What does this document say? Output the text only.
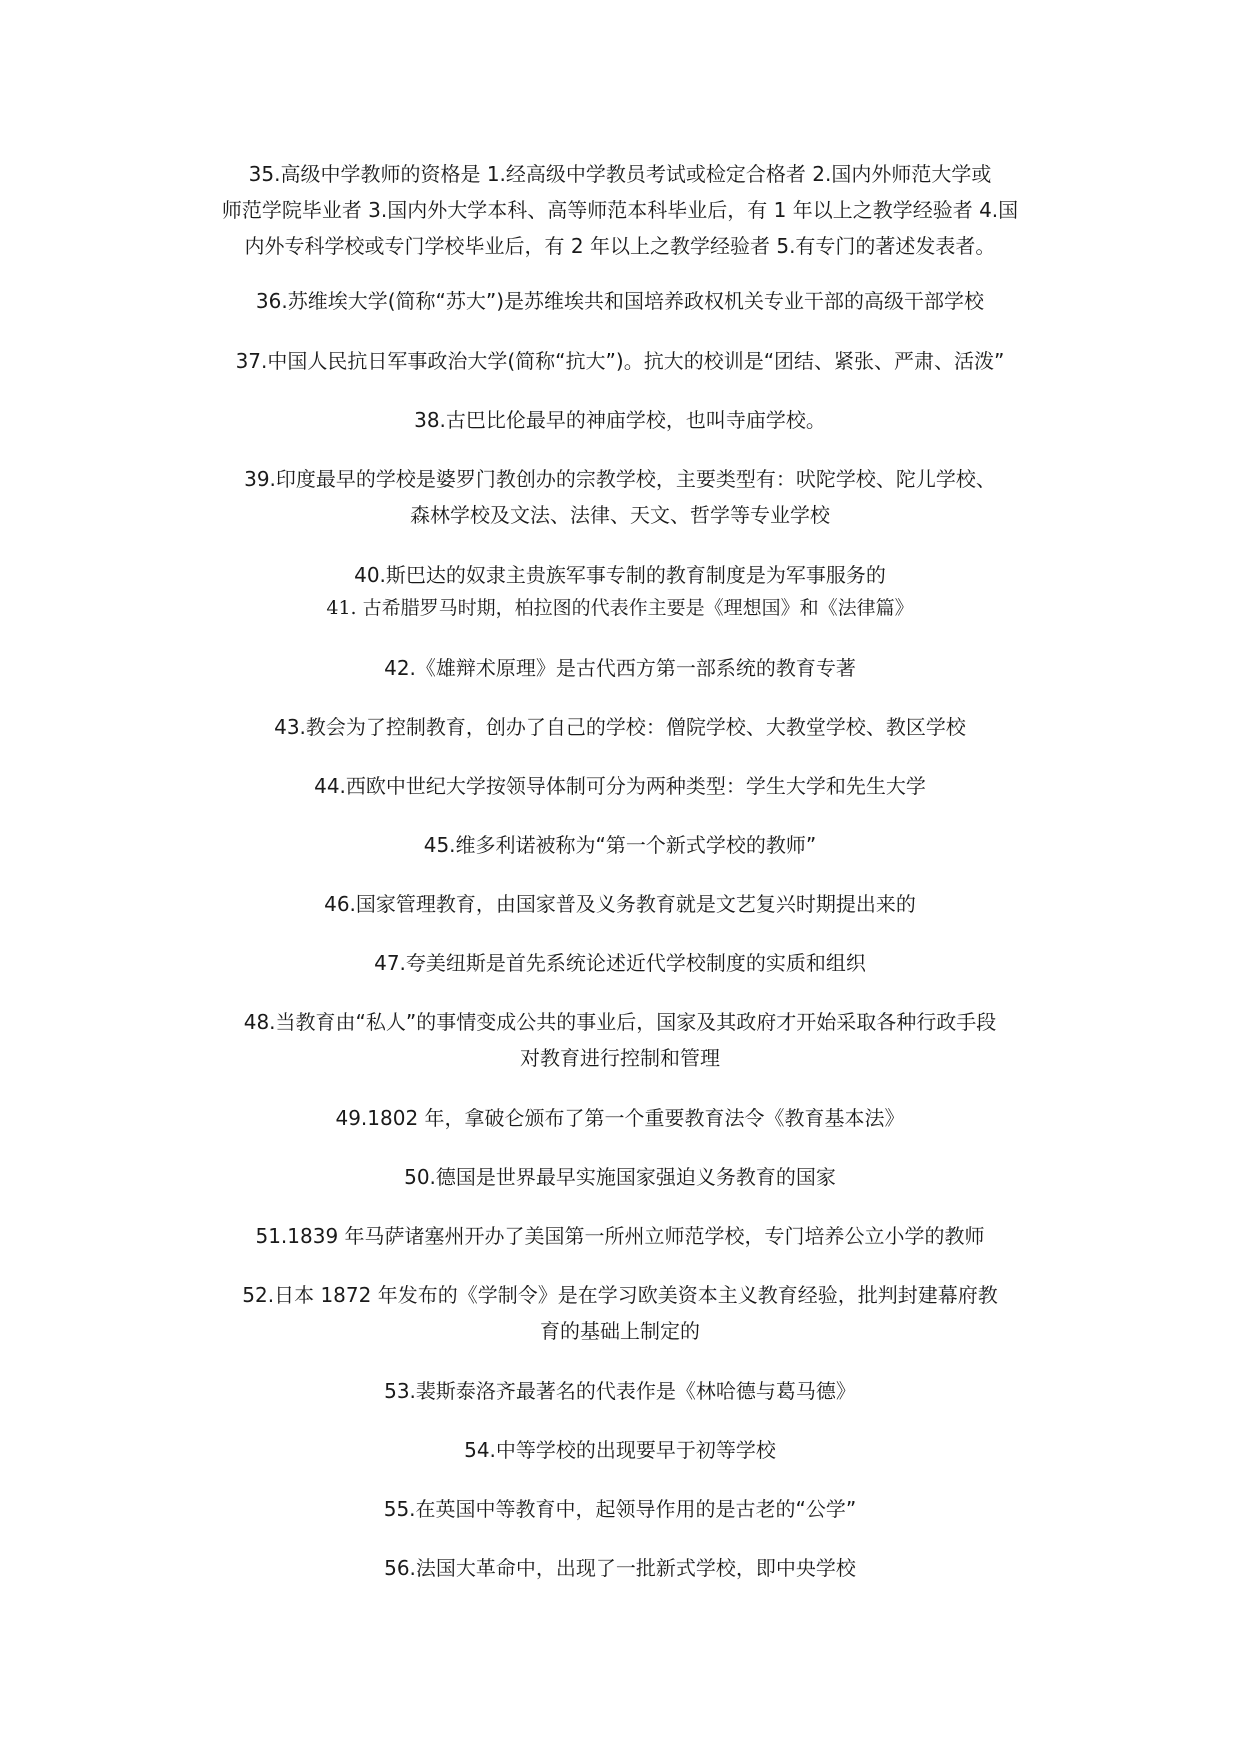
35.高级中学教师的资格是 1.经高级中学教员考试或检定合格者 2.国内外师范大学或
师范学院毕业者 3.国内外大学本科、高等师范本科毕业后，有 1 年以上之教学经验者 4.国
内外专科学校或专门学校毕业后，有 2 年以上之教学经验者 5.有专门的著述发表者。
36.苏维埃大学(简称“苏大”)是苏维埃共和国培养政权机关专业干部的高级干部学校
37.中国人民抗日军事政治大学(简称“抗大”)。抗大的校训是“团结、紧张、严肃、活泼”
38.古巴比伦最早的神庙学校，也叫寺庙学校。
39.印度最早的学校是婆罗门教创办的宗教学校，主要类型有：吠陀学校、陀儿学校、
森林学校及文法、法律、天文、哲学等专业学校
40.斯巴达的奴隶主贵族军事专制的教育制度是为军事服务的
41. 古希腊罗马时期，柏拉图的代表作主要是《理想国》和《法律篇》
42.《雄辩术原理》是古代西方第一部系统的教育专著
43.教会为了控制教育，创办了自己的学校：僧院学校、大教堂学校、教区学校
44.西欧中世纪大学按领导体制可分为两种类型：学生大学和先生大学
45.维多利诺被称为“第一个新式学校的教师”
46.国家管理教育，由国家普及义务教育就是文艺复兴时期提出来的
47.夸美纽斯是首先系统论述近代学校制度的实质和组织
48.当教育由“私人”的事情变成公共的事业后，国家及其政府才开始采取各种行政手段
对教育进行控制和管理
49.1802 年，拿破仑颁布了第一个重要教育法令《教育基本法》
50.德国是世界最早实施国家强迫义务教育的国家
51.1839 年马萨诸塞州开办了美国第一所州立师范学校，专门培养公立小学的教师
52.日本 1872 年发布的《学制令》是在学习欧美资本主义教育经验，批判封建幕府教
育的基础上制定的
53.裴斯泰洛齐最著名的代表作是《林哈德与葛马德》
54.中等学校的出现要早于初等学校
55.在英国中等教育中，起领导作用的是古老的“公学”
56.法国大革命中，出现了一批新式学校，即中央学校
